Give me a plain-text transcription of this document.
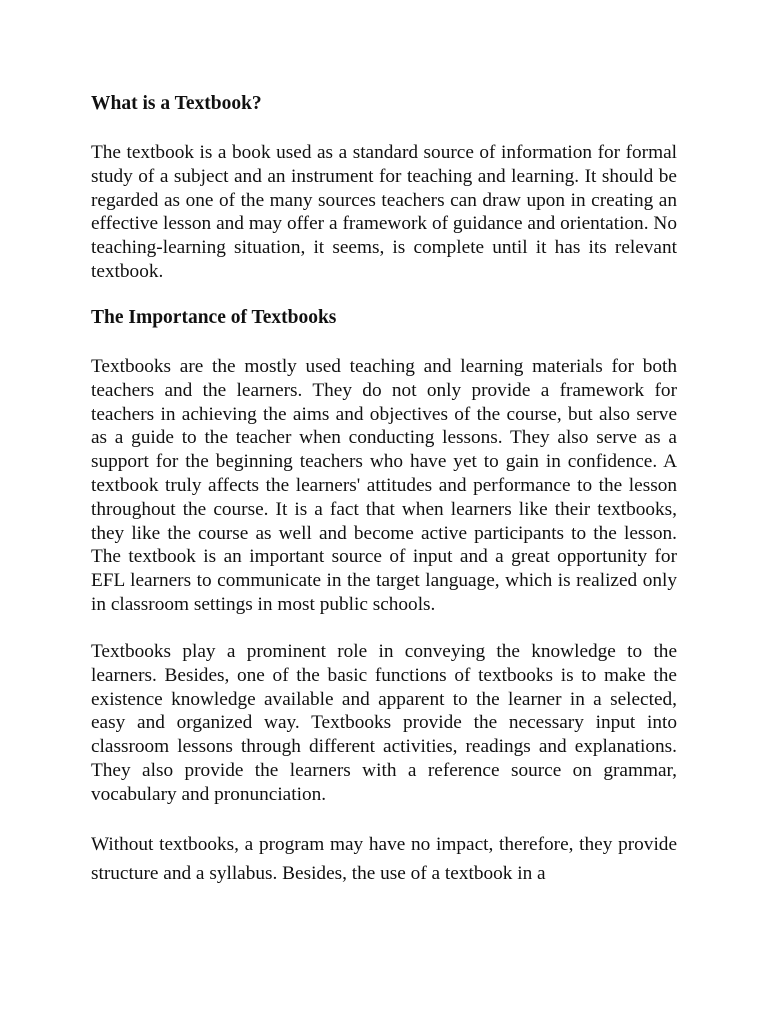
What is a Textbook?

The textbook is a book used as a standard source of information for formal study of a subject and an instrument for teaching and learning. It should be regarded as one of the many sources teachers can draw upon in creating an effective lesson and may offer a framework of guidance and orientation. No teaching-learning situation, it seems, is complete until it has its relevant textbook.

The Importance of Textbooks

Textbooks are the mostly used teaching and learning materials for both teachers and the learners. They do not only provide a framework for teachers in achieving the aims and objectives of the course, but also serve as a guide to the teacher when conducting lessons. They also serve as a support for the beginning teachers who have yet to gain in confidence. A textbook truly affects the learners' attitudes and performance to the lesson throughout the course. It is a fact that when learners like their textbooks, they like the course as well and become active participants to the lesson. The textbook is an important source of input and a great opportunity for EFL learners to communicate in the target language, which is realized only in classroom settings in most public schools.

Textbooks play a prominent role in conveying the knowledge to the learners. Besides, one of the basic functions of textbooks is to make the existence knowledge available and apparent to the learner in a selected, easy and organized way. Textbooks provide the necessary input into classroom lessons through different activities, readings and explanations. They also provide the learners with a reference source on grammar, vocabulary and pronunciation.

Without textbooks, a program may have no impact, therefore, they provide structure and a syllabus. Besides, the use of a textbook in a
